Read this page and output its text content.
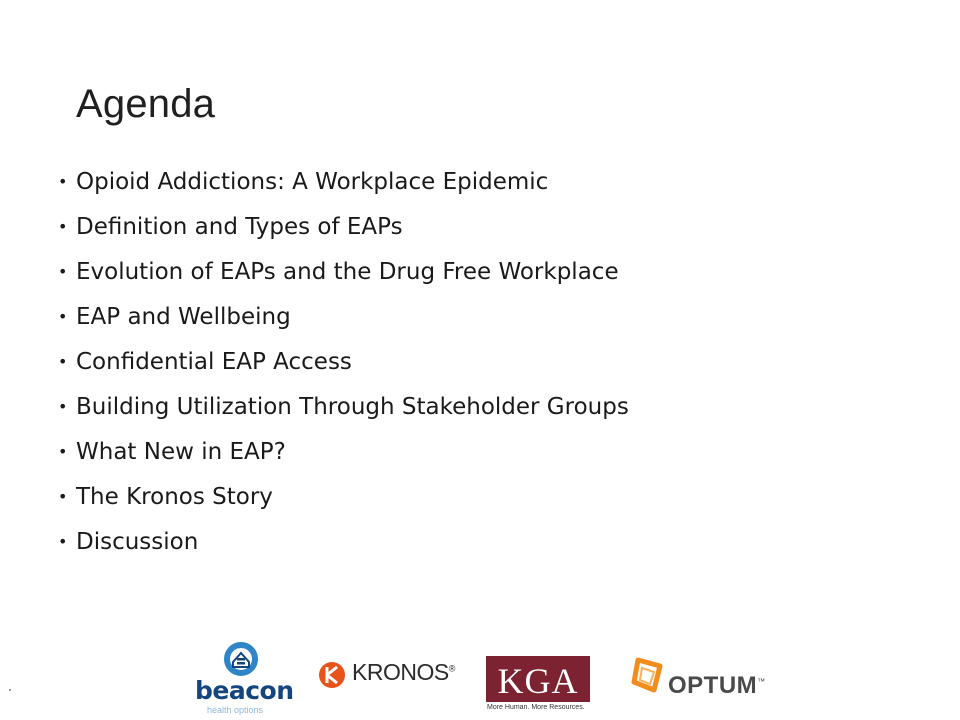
Agenda
• Opioid Addictions: A Workplace Epidemic
• Definition and Types of EAPs
• Evolution of EAPs and the Drug Free Workplace
• EAP and Wellbeing
• Confidential EAP Access
• Building Utilization Through Stakeholder Groups
• What New in EAP?
• The Kronos Story
• Discussion
beacon
health options
KRONOS®	KGA
More Human. More Resources.
OPTUM™
